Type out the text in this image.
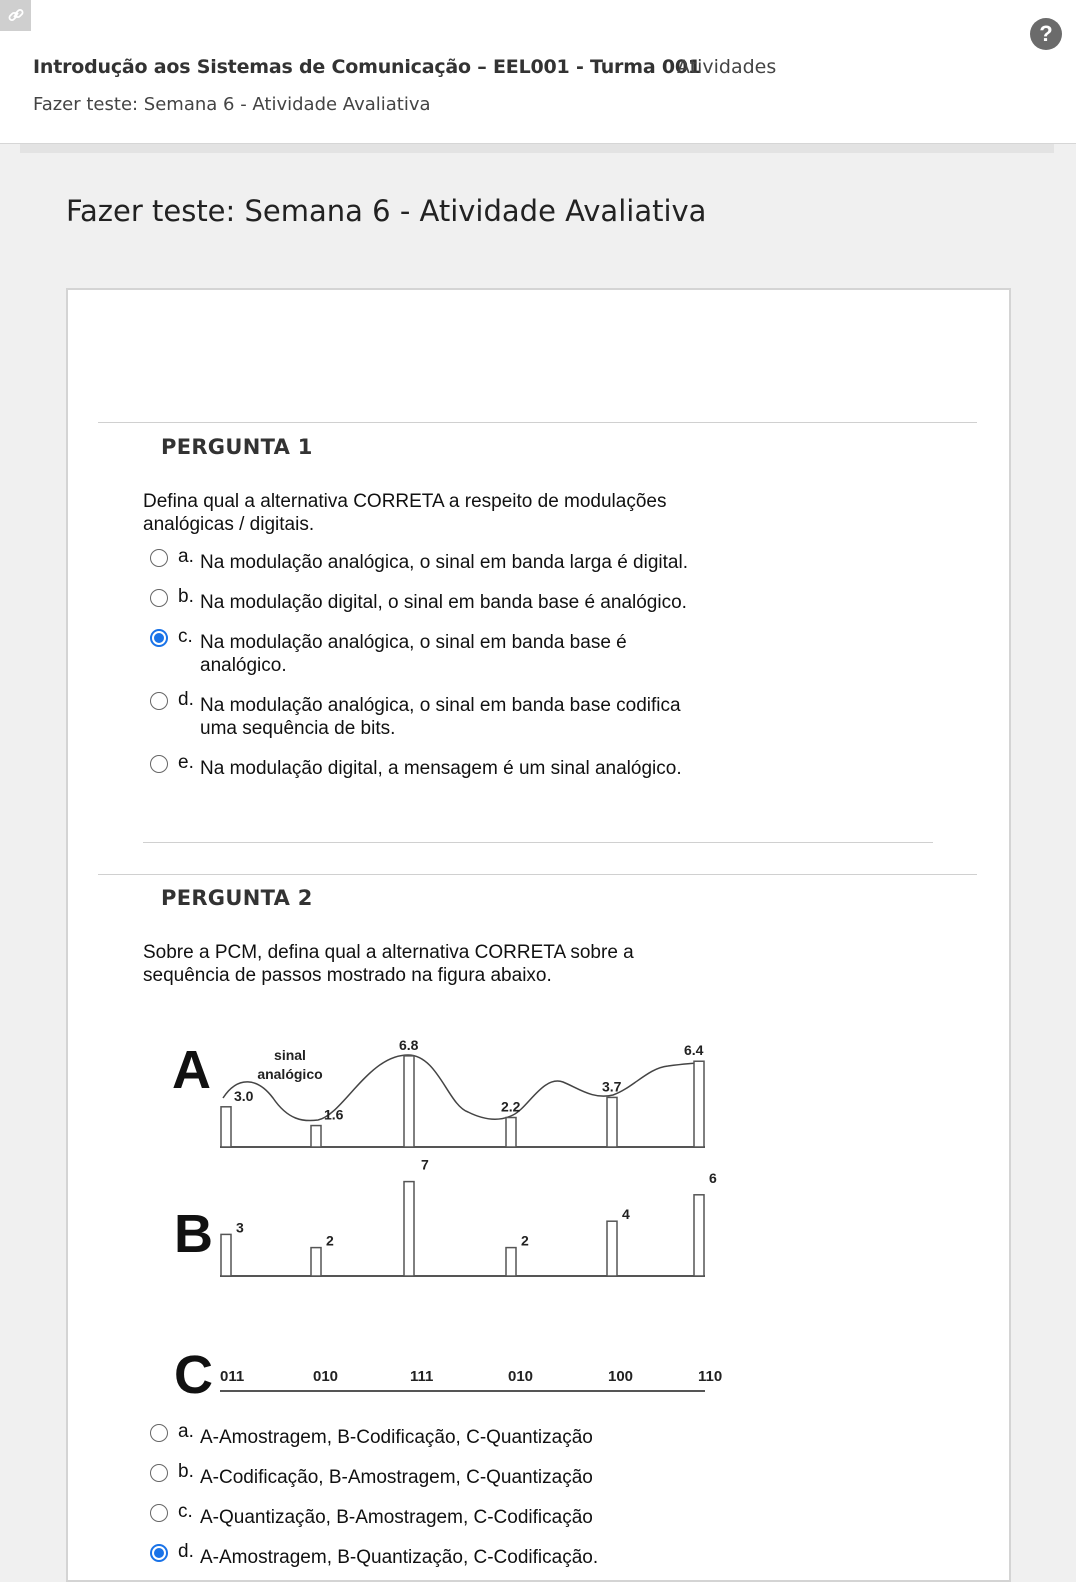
Introdução aos Sistemas de Comunicação – EEL001 - Turma 001
Atividades
Fazer teste: Semana 6 - Atividade Avaliativa
?
Fazer teste: Semana 6 - Atividade Avaliativa
PERGUNTA 1
Defina qual a alternativa CORRETA a respeito de modulações analógicas / digitais.
PERGUNTA 2
Sobre a PCM, defina qual a alternativa CORRETA sobre a sequência de passos mostrado na figura abaixo.
a. Na modulação analógica, o sinal em banda larga é digital.
b. Na modulação digital, o sinal em banda base é analógico.
c. Na modulação analógica, o sinal em banda base é analógico.
d. Na modulação analógica, o sinal em banda base codifica uma sequência de bits.
e. Na modulação digital, a mensagem é um sinal analógico.
A
B
C
sinal
analógico
3.0
1.6
6.8
2.2
3.7
6.4
3
2
7
2
4
6
011	010	111	010	100	110
a. A-Amostragem, B-Codificação, C-Quantização
b. A-Codificação, B-Amostragem, C-Quantização
c. A-Quantização, B-Amostragem, C-Codificação
d. A-Amostragem, B-Quantização, C-Codificação.
